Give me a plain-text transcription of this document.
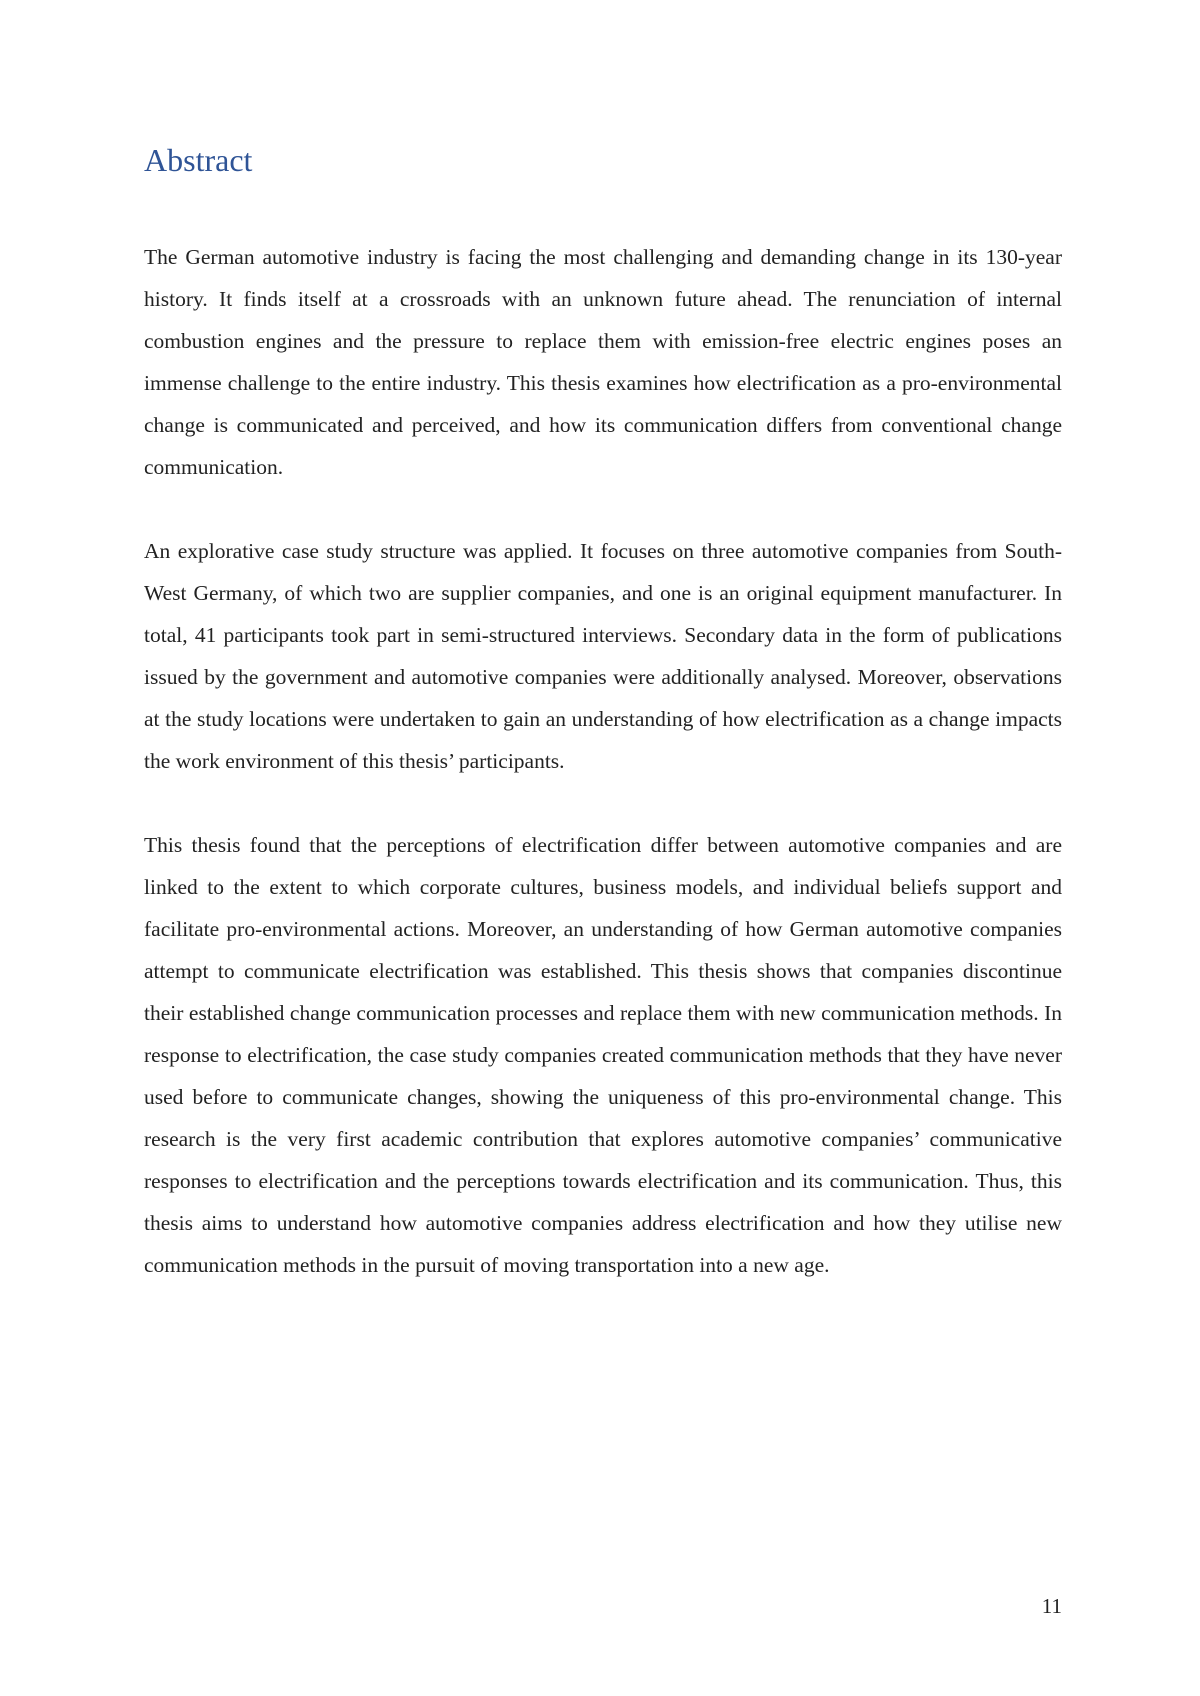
Abstract

The German automotive industry is facing the most challenging and demanding change in its 130-year history. It finds itself at a crossroads with an unknown future ahead. The renunciation of internal combustion engines and the pressure to replace them with emission-free electric engines poses an immense challenge to the entire industry. This thesis examines how electrification as a pro-environmental change is communicated and perceived, and how its communication differs from conventional change communication.

An explorative case study structure was applied. It focuses on three automotive companies from South-West Germany, of which two are supplier companies, and one is an original equipment manufacturer. In total, 41 participants took part in semi-structured interviews. Secondary data in the form of publications issued by the government and automotive companies were additionally analysed. Moreover, observations at the study locations were undertaken to gain an understanding of how electrification as a change impacts the work environment of this thesis’ participants.

This thesis found that the perceptions of electrification differ between automotive companies and are linked to the extent to which corporate cultures, business models, and individual beliefs support and facilitate pro-environmental actions. Moreover, an understanding of how German automotive companies attempt to communicate electrification was established. This thesis shows that companies discontinue their established change communication processes and replace them with new communication methods. In response to electrification, the case study companies created communication methods that they have never used before to communicate changes, showing the uniqueness of this pro-environmental change. This research is the very first academic contribution that explores automotive companies’ communicative responses to electrification and the perceptions towards electrification and its communication. Thus, this thesis aims to understand how automotive companies address electrification and how they utilise new communication methods in the pursuit of moving transportation into a new age.

11
